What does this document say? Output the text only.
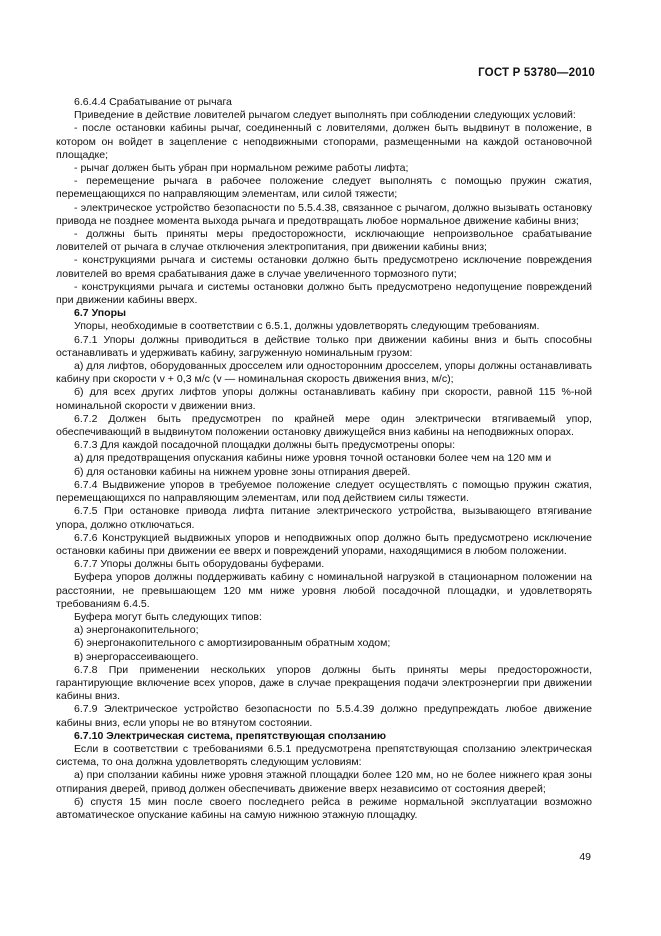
ГОСТ Р 53780—2010

6.6.4.4 Срабатывание от рычага

Приведение в действие ловителей рычагом следует выполнять при соблюдении следующих условий:

- после остановки кабины рычаг, соединенный с ловителями, должен быть выдвинут в положение, в котором он войдет в зацепление с неподвижными стопорами, размещенными на каждой остановочной площадке;

- рычаг должен быть убран при нормальном режиме работы лифта;

- перемещение рычага в рабочее положение следует выполнять с помощью пружин сжатия, перемещающихся по направляющим элементам, или силой тяжести;

- электрическое устройство безопасности по 5.5.4.38, связанное с рычагом, должно вызывать остановку привода не позднее момента выхода рычага и предотвращать любое нормальное движение кабины вниз;

- должны быть приняты меры предосторожности, исключающие непроизвольное срабатывание ловителей от рычага в случае отключения электропитания, при движении кабины вниз;

- конструкциями рычага и системы остановки должно быть предусмотрено исключение повреждения ловителей во время срабатывания даже в случае увеличенного тормозного пути;

- конструкциями рычага и системы остановки должно быть предусмотрено недопущение повреждений при движении кабины вверх.

6.7 Упоры

Упоры, необходимые в соответствии с 6.5.1, должны удовлетворять следующим требованиям.

6.7.1 Упоры должны приводиться в действие только при движении кабины вниз и быть способны останавливать и удерживать кабину, загруженную номинальным грузом:

а) для лифтов, оборудованных дросселем или односторонним дросселем, упоры должны останавливать кабину при скорости v + 0,3 м/с (v — номинальная скорость движения вниз, м/с);

б) для всех других лифтов упоры должны останавливать кабину при скорости, равной 115 %-ной номинальной скорости v движении вниз.

6.7.2 Должен быть предусмотрен по крайней мере один электрически втягиваемый упор, обеспечивающий в выдвинутом положении остановку движущейся вниз кабины на неподвижных опорах.

6.7.3 Для каждой посадочной площадки должны быть предусмотрены опоры:

а) для предотвращения опускания кабины ниже уровня точной остановки более чем на 120 мм и

б) для остановки кабины на нижнем уровне зоны отпирания дверей.

6.7.4 Выдвижение упоров в требуемое положение следует осуществлять с помощью пружин сжатия, перемещающихся по направляющим элементам, или под действием силы тяжести.

6.7.5 При остановке привода лифта питание электрического устройства, вызывающего втягивание упора, должно отключаться.

6.7.6 Конструкцией выдвижных упоров и неподвижных опор должно быть предусмотрено исключение остановки кабины при движении ее вверх и повреждений упорами, находящимися в любом положении.

6.7.7 Упоры должны быть оборудованы буферами.

Буфера упоров должны поддерживать кабину с номинальной нагрузкой в стационарном положении на расстоянии, не превышающем 120 мм ниже уровня любой посадочной площадки, и удовлетворять требованиям 6.4.5.

Буфера могут быть следующих типов:

а) энергонакопительного;

б) энергонакопительного с амортизированным обратным ходом;

в) энергорассеивающего.

6.7.8 При применении нескольких упоров должны быть приняты меры предосторожности, гарантирующие включение всех упоров, даже в случае прекращения подачи электроэнергии при движении кабины вниз.

6.7.9 Электрическое устройство безопасности по 5.5.4.39 должно предупреждать любое движение кабины вниз, если упоры не во втянутом состоянии.

6.7.10 Электрическая система, препятствующая сползанию

Если в соответствии с требованиями 6.5.1 предусмотрена препятствующая сползанию электрическая система, то она должна удовлетворять следующим условиям:

а) при сползании кабины ниже уровня этажной площадки более 120 мм, но не более нижнего края зоны отпирания дверей, привод должен обеспечивать движение вверх независимо от состояния дверей;

б) спустя 15 мин после своего последнего рейса в режиме нормальной эксплуатации возможно автоматическое опускание кабины на самую нижнюю этажную площадку.

49
